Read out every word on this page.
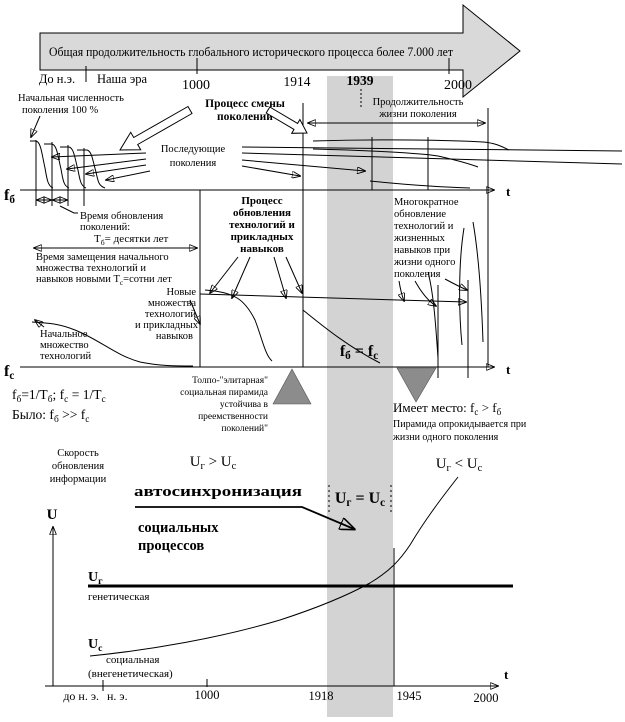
Общая продолжительность глобального исторического процесса более 7.000 лет
До н.э. Наша эра 1000	1914	1939	2000
t
fб
Начальная численность
поколения 100 %
Время обновления
поколений:
$Т_б=$ десятки лет
Время замещения начального
множества технологий и
навыков новыми $Т_с=сотни$ лет
Процесс смены
поколений
Последующие
поколения
Продолжительность
жизни поколения
t
fс
Процесс
обновления
технологий и
прикладных
навыков
Начальное
множество
технологий
Новые
множества
технологий
и прикладных
навыков
fб = fс
Многократное
обновление
технологий и
жизненных
навыков при
жизни одного
поколения
$f_б=1/Т_б$; $f_с = 1/Т_с$
Было: $f_б >> f_с$
Толпо-"элитарная"
социальная пирамида
устойчива в
преемственности
поколений"
Имеет место: $f_с > f_б$
Пирамида опрокидывается при
жизни одного поколения
Скорость
обновления
информации
$U_г > U_с$	$U_г < U_с$
автосинхронизация
социальных
процессов
Uг = Uс
U
t
$U_г$
генетическая
$U_с$
социальная
(внегенетическая)
до н. э. н. э.	1000	1918	1945	2000
